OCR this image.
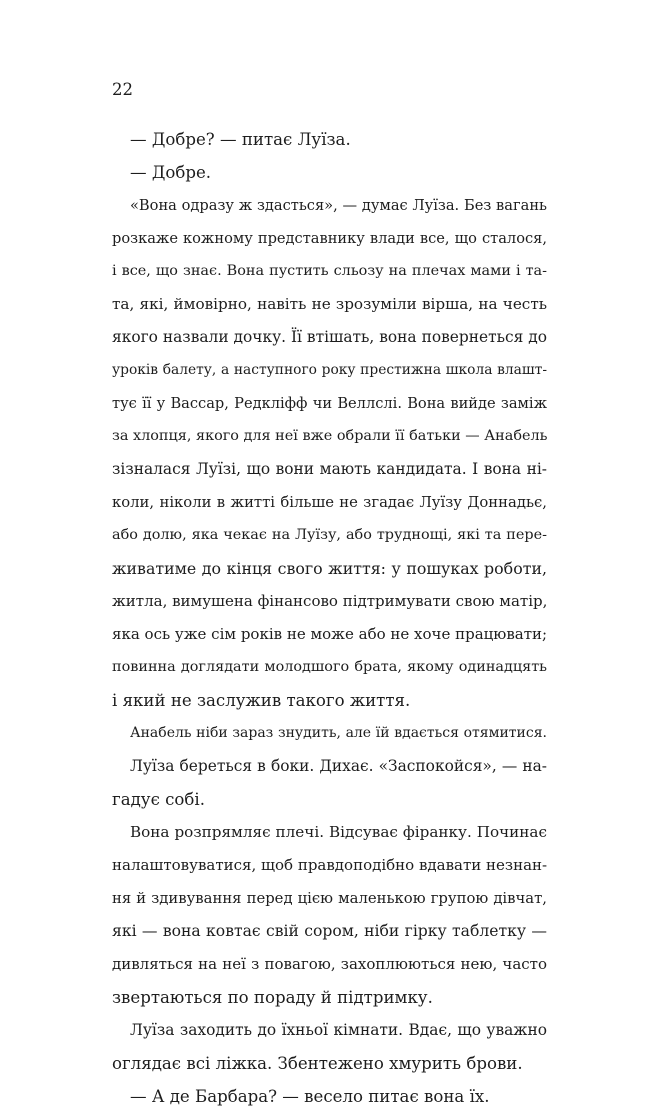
22
— Добре? — питає Луїза.
— Добре.
«Вона одразу ж здасться», — думає Луїза. Без вагань
розкаже кожному представнику влади все, що сталося,
і все, що знає. Вона пустить сльозу на плечах мами і та-
та, які, ймовірно, навіть не зрозуміли вірша, на честь
якого назвали дочку. Її втішать, вона повернеться до
уроків балету, а наступного року престижна школа влашт-
тує її у Вассар, Редкліфф чи Веллслі. Вона вийде заміж
за хлопця, якого для неї вже обрали її батьки — Анабель
зізналася Луїзі, що вони мають кандидата. І вона ні-
коли, ніколи в житті більше не згадає Луїзу Доннадьє,
або долю, яка чекає на Луїзу, або труднощі, які та пере-
живатиме до кінця свого життя: у пошуках роботи,
житла, вимушена фінансово підтримувати свою матір,
яка ось уже сім років не може або не хоче працювати;
повинна доглядати молодшого брата, якому одинадцять
і який не заслужив такого життя.
Анабель ніби зараз знудить, але їй вдається отямитися.
Луїза береться в боки. Дихає. «Заспокойся», — на-
гадує собі.
Вона розпрямляє плечі. Відсуває фіранку. Починає
налаштовуватися, щоб правдоподібно вдавати незнан-
ня й здивування перед цією маленькою групою дівчат,
які — вона ковтає свій сором, ніби гірку таблетку —
дивляться на неї з повагою, захоплюються нею, часто
звертаються по пораду й підтримку.
Луїза заходить до їхньої кімнати. Вдає, що уважно
оглядає всі ліжка. Збентежено хмурить брови.
— А де Барбара? — весело питає вона їх.
